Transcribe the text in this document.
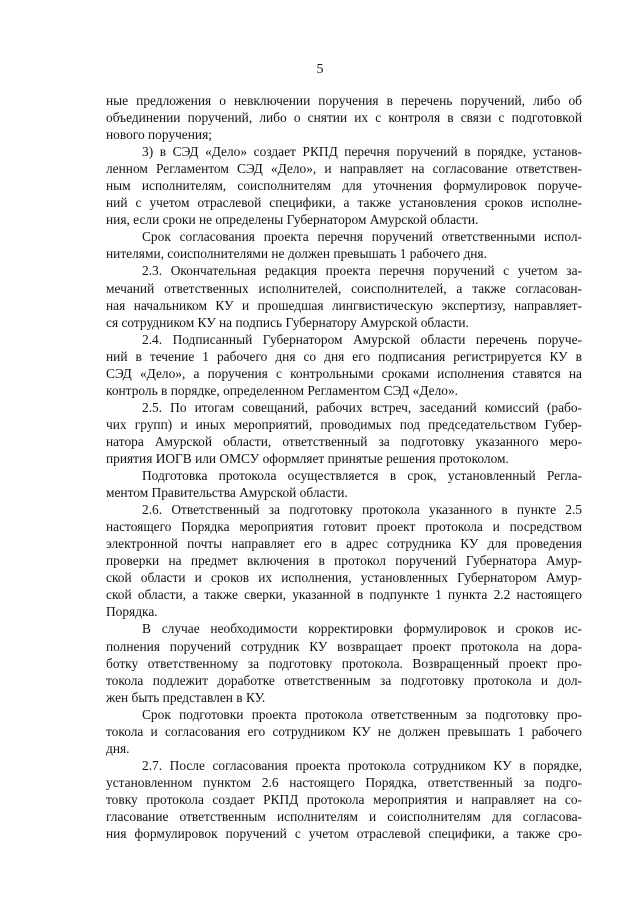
5
ные предложения о невключении поручения в перечень поручений, либо об
объединении поручений, либо о снятии их с контроля в связи с подготовкой
нового поручения;
3) в СЭД «Дело» создает РКПД перечня поручений в порядке, установ-
ленном Регламентом СЭД «Дело», и направляет на согласование ответствен-
ным исполнителям, соисполнителям для уточнения формулировок поруче-
ний с учетом отраслевой специфики, а также установления сроков исполне-
ния, если сроки не определены Губернатором Амурской области.
Срок согласования проекта перечня поручений ответственными испол-
нителями, соисполнителями не должен превышать 1 рабочего дня.
2.3. Окончательная редакция проекта перечня поручений с учетом за-
мечаний ответственных исполнителей, соисполнителей, а также согласован-
ная начальником КУ и прошедшая лингвистическую экспертизу, направляет-
ся сотрудником КУ на подпись Губернатору Амурской области.
2.4. Подписанный Губернатором Амурской области перечень поруче-
ний в течение 1 рабочего дня со дня его подписания регистрируется КУ в
СЭД «Дело», а поручения с контрольными сроками исполнения ставятся на
контроль в порядке, определенном Регламентом СЭД «Дело».
2.5. По итогам совещаний, рабочих встреч, заседаний комиссий (рабо-
чих групп) и иных мероприятий, проводимых под председательством Губер-
натора Амурской области, ответственный за подготовку указанного меро-
приятия ИОГВ или ОМСУ оформляет принятые решения протоколом.
Подготовка протокола осуществляется в срок, установленный Регла-
ментом Правительства Амурской области.
2.6. Ответственный за подготовку протокола указанного в пункте 2.5
настоящего Порядка мероприятия готовит проект протокола и посредством
электронной почты направляет его в адрес сотрудника КУ для проведения
проверки на предмет включения в протокол поручений Губернатора Амур-
ской области и сроков их исполнения, установленных Губернатором Амур-
ской области, а также сверки, указанной в подпункте 1 пункта 2.2 настоящего
Порядка.
В случае необходимости корректировки формулировок и сроков ис-
полнения поручений сотрудник КУ возвращает проект протокола на дора-
ботку ответственному за подготовку протокола. Возвращенный проект про-
токола подлежит доработке ответственным за подготовку протокола и дол-
жен быть представлен в КУ.
Срок подготовки проекта протокола ответственным за подготовку про-
токола и согласования его сотрудником КУ не должен превышать 1 рабочего
дня.
2.7. После согласования проекта протокола сотрудником КУ в порядке,
установленном пунктом 2.6 настоящего Порядка, ответственный за подго-
товку протокола создает РКПД протокола мероприятия и направляет на со-
гласование ответственным исполнителям и соисполнителям для согласова-
ния формулировок поручений с учетом отраслевой специфики, а также сро-
